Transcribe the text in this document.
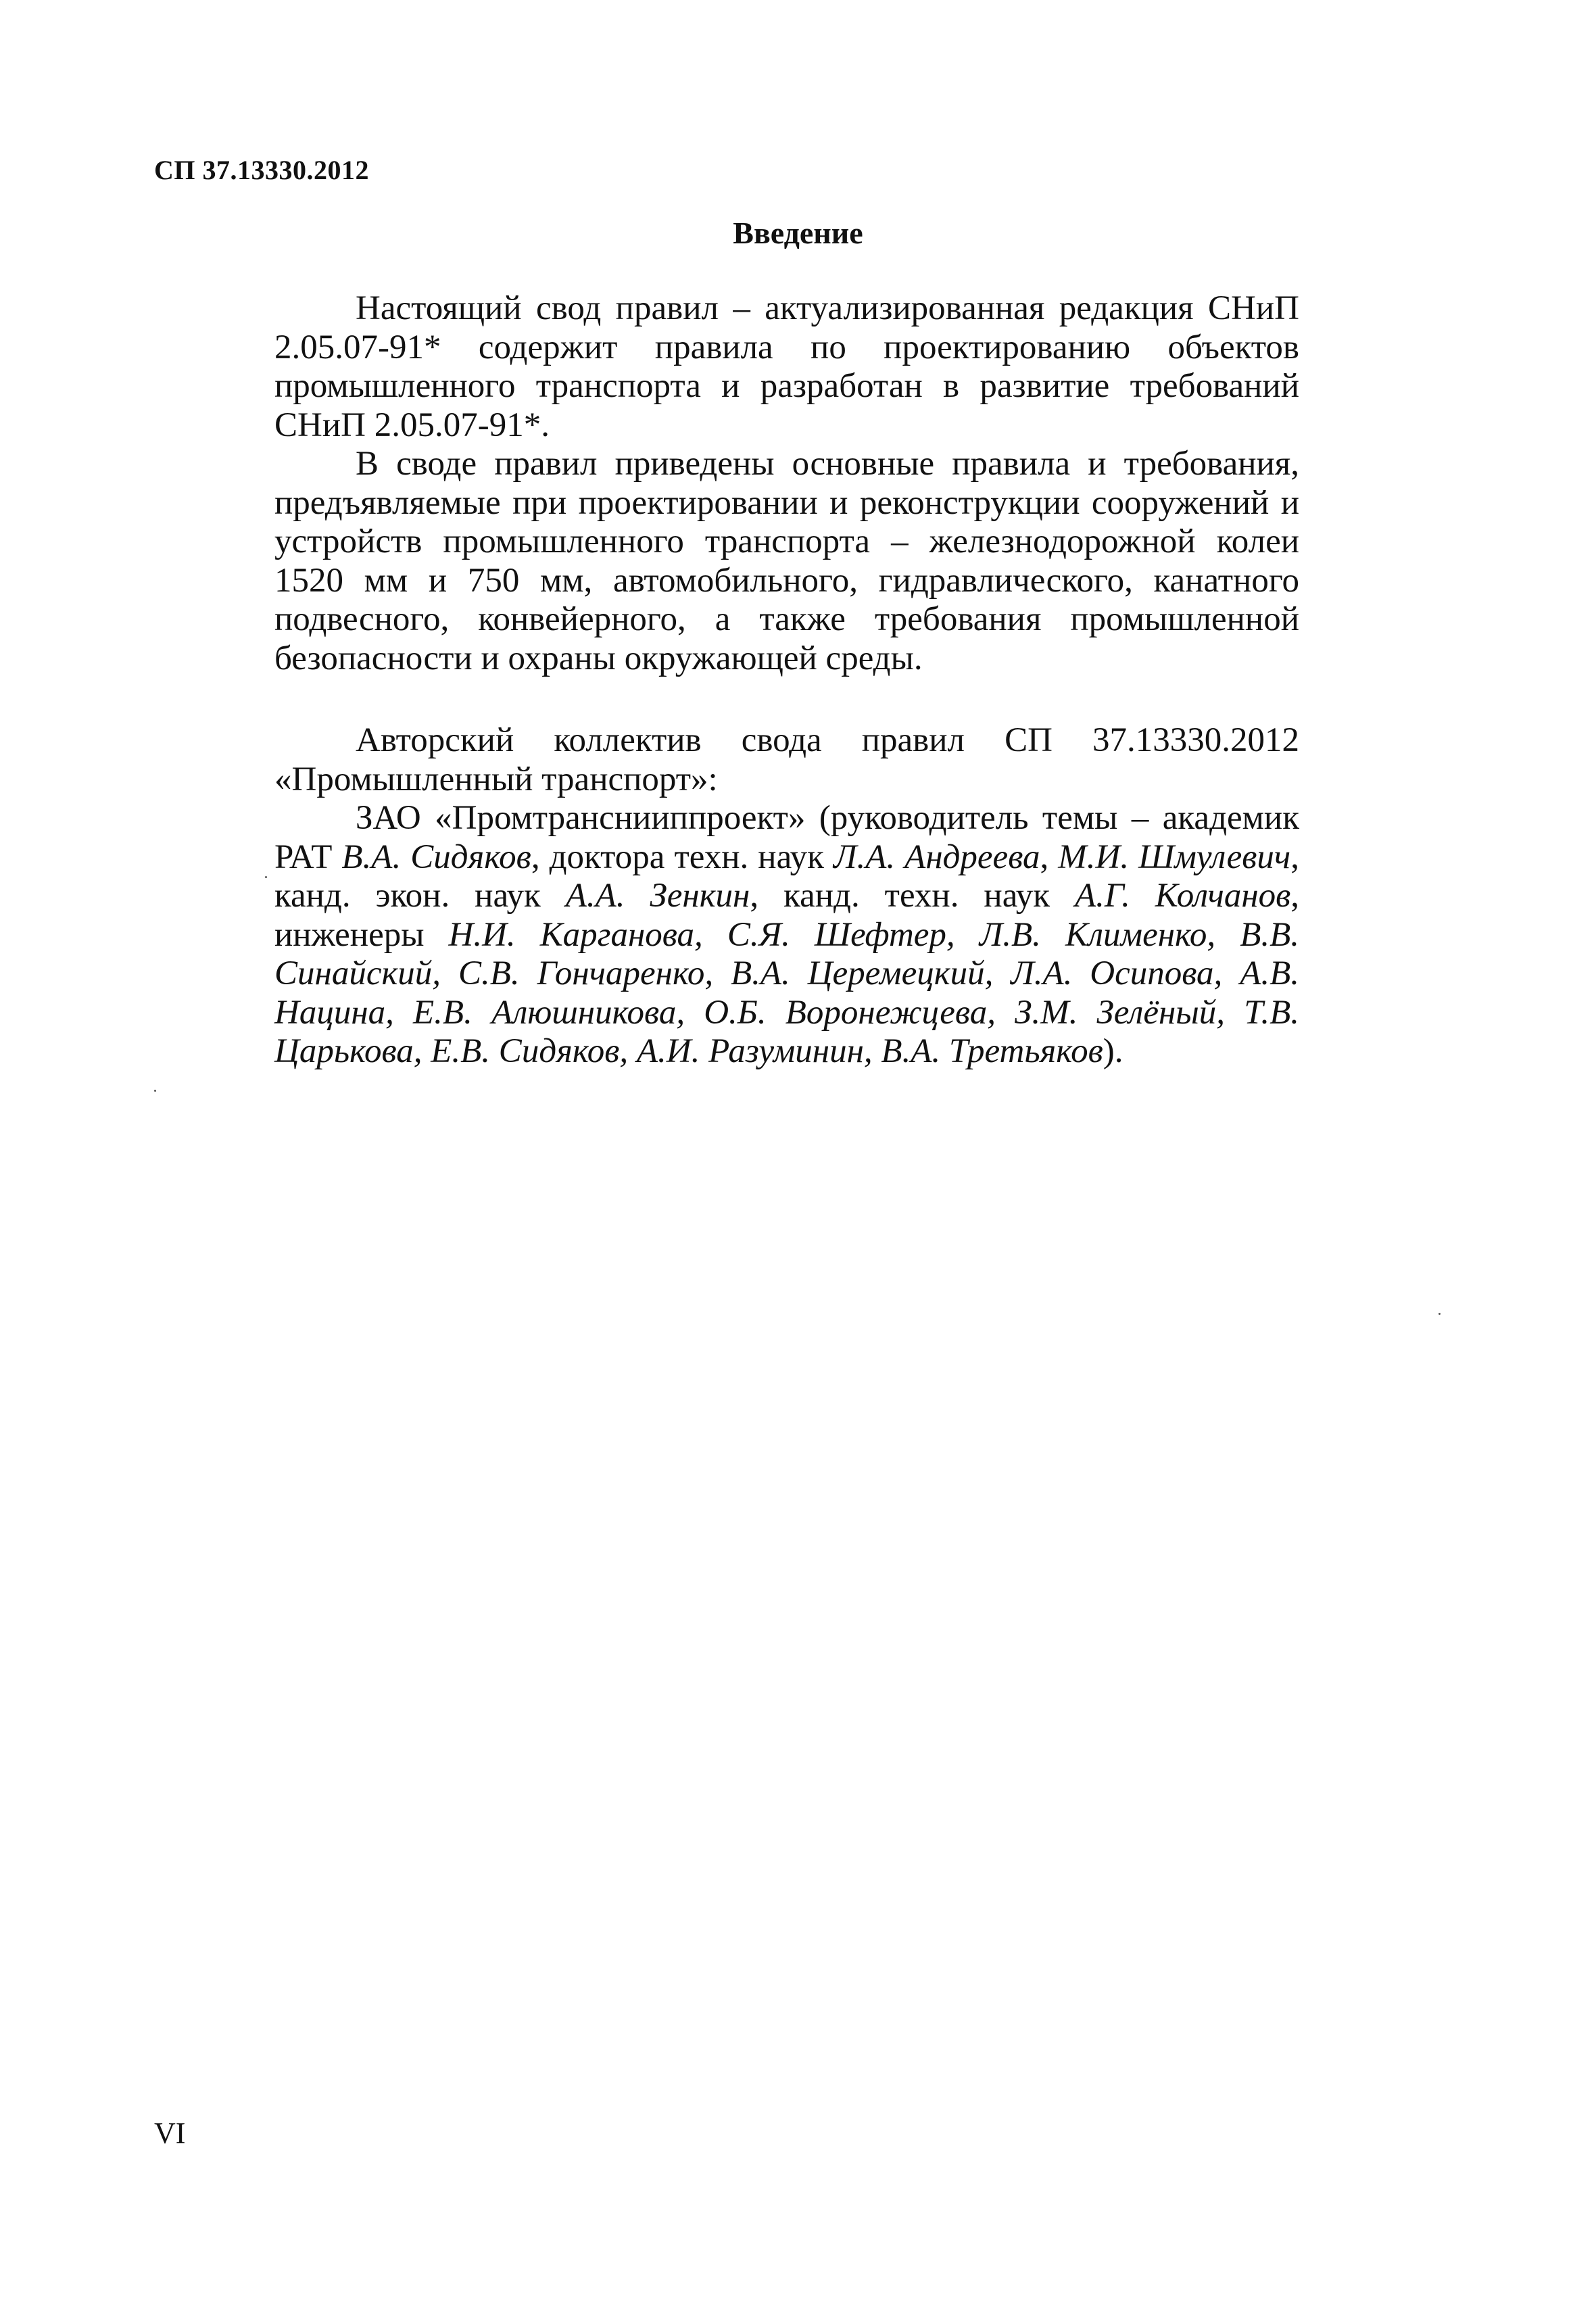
СП 37.13330.2012
Введение

Настоящий свод правил – актуализированная редакция СНиП 2.05.07-91* содержит правила по проектированию объектов промышленного транспорта и разработан в развитие требований СНиП 2.05.07-91*.

В своде правил приведены основные правила и требования, предъявляемые при проектировании и реконструкции сооружений и устройств промышленного транспорта – железнодорожной колеи 1520 мм и 750 мм, автомобильного, гидравлического, канатного подвесного, конвейерного, а также требования промышленной безопасности и охраны окружающей среды.

Авторский коллектив свода правил СП 37.13330.2012 «Промышленный транспорт»:

ЗАО «Промтранснииппроект» (руководитель темы – академик РАТ В.А. Сидяков, доктора техн. наук Л.А. Андреева, М.И. Шмулевич, канд. экон. наук А.А. Зенкин, канд. техн. наук А.Г. Колчанов, инженеры Н.И. Карганова, С.Я. Шефтер, Л.В. Клименко, В.В. Синайский, С.В. Гончаренко, В.А. Церемецкий, Л.А. Осипова, А.В. Нацина, Е.В. Алюшникова, О.Б. Воронежцева, З.М. Зелёный, Т.В. Царькова, Е.В. Сидяков, А.И. Разуминин, В.А. Третьяков).

VI
